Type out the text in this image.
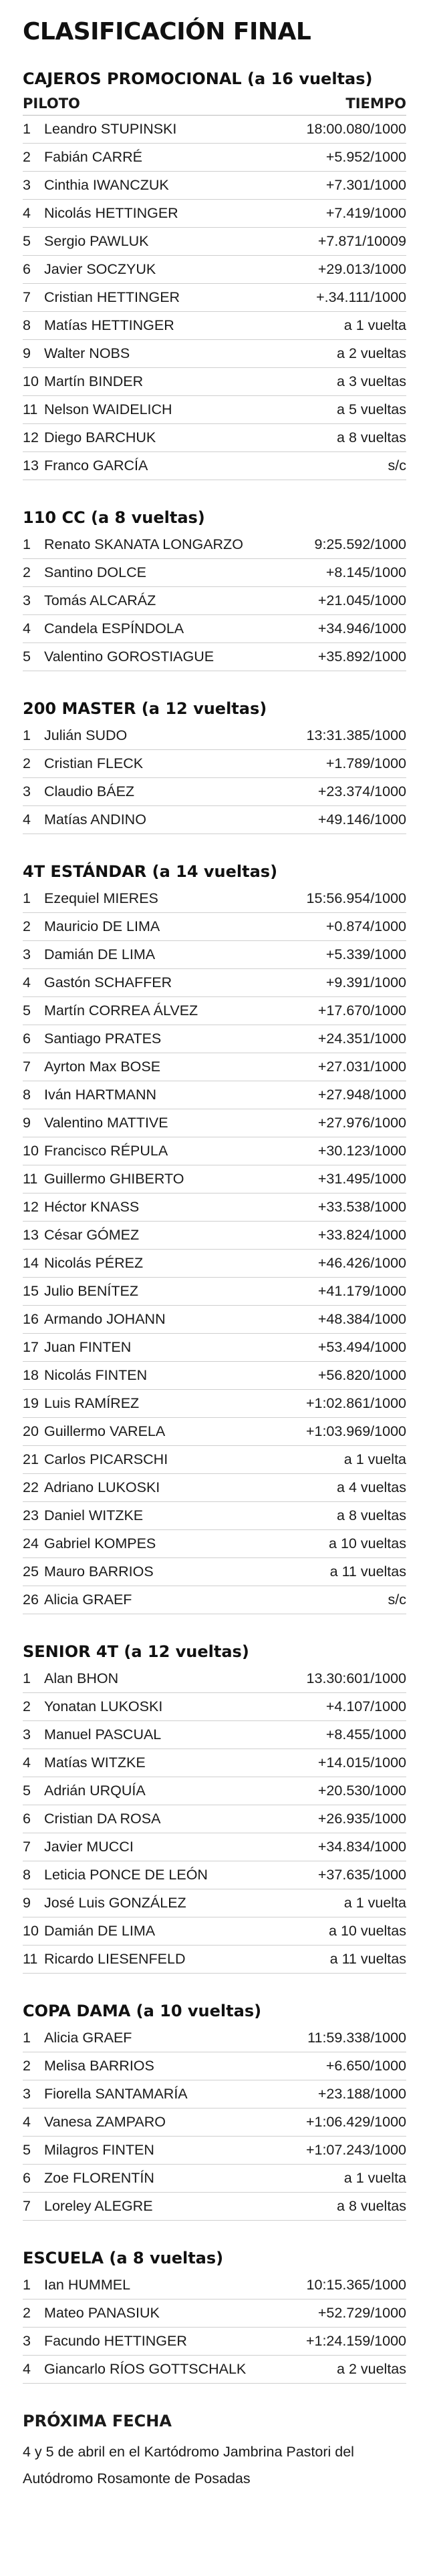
CLASIFICACIÓN FINAL
CAJEROS PROMOCIONAL (a 16 vueltas)
PILOTO	TIEMPO
1 Leandro STUPINSKI	18:00.080/1000
2 Fabián CARRÉ	+5.952/1000
3 Cinthia IWANCZUK	+7.301/1000
4 Nicolás HETTINGER	+7.419/1000
5 Sergio PAWLUK	+7.871/10009
6 Javier SOCZYUK	+29.013/1000
7 Cristian HETTINGER	+.34.111/1000
8 Matías HETTINGER	a 1 vuelta
9 Walter NOBS	a 2 vueltas
10 Martín BINDER	a 3 vueltas
11 Nelson WAIDELICH	a 5 vueltas
12 Diego BARCHUK	a 8 vueltas
13 Franco GARCÍA	s/c
110 CC (a 8 vueltas)
1 Renato SKANATA LONGARZO	9:25.592/1000
2 Santino DOLCE	+8.145/1000
3 Tomás ALCARÁZ	+21.045/1000
4 Candela ESPÍNDOLA	+34.946/1000
5 Valentino GOROSTIAGUE	+35.892/1000
200 MASTER (a 12 vueltas)
1 Julián SUDO	13:31.385/1000
2 Cristian FLECK	+1.789/1000
3 Claudio BÁEZ	+23.374/1000
4 Matías ANDINO	+49.146/1000
4T ESTÁNDAR (a 14 vueltas)
1 Ezequiel MIERES	15:56.954/1000
2 Mauricio DE LIMA	+0.874/1000
3 Damián DE LIMA	+5.339/1000
4 Gastón SCHAFFER	+9.391/1000
5 Martín CORREA ÁLVEZ	+17.670/1000
6 Santiago PRATES	+24.351/1000
7 Ayrton Max BOSE	+27.031/1000
8 Iván HARTMANN	+27.948/1000
9 Valentino MATTIVE	+27.976/1000
10 Francisco RÉPULA	+30.123/1000
11 Guillermo GHIBERTO	+31.495/1000
12 Héctor KNASS	+33.538/1000
13 César GÓMEZ	+33.824/1000
14 Nicolás PÉREZ	+46.426/1000
15 Julio BENÍTEZ	+41.179/1000
16 Armando JOHANN	+48.384/1000
17 Juan FINTEN	+53.494/1000
18 Nicolás FINTEN	+56.820/1000
19 Luis RAMÍREZ	+1:02.861/1000
20 Guillermo VARELA	+1:03.969/1000
21 Carlos PICARSCHI	a 1 vuelta
22 Adriano LUKOSKI	a 4 vueltas
23 Daniel WITZKE	a 8 vueltas
24 Gabriel KOMPES	a 10 vueltas
25 Mauro BARRIOS	a 11 vueltas
26 Alicia GRAEF	s/c
SENIOR 4T (a 12 vueltas)
1 Alan BHON	13.30:601/1000
2 Yonatan LUKOSKI	+4.107/1000
3 Manuel PASCUAL	+8.455/1000
4 Matías WITZKE	+14.015/1000
5 Adrián URQUÍA	+20.530/1000
6 Cristian DA ROSA	+26.935/1000
7 Javier MUCCI	+34.834/1000
8 Leticia PONCE DE LEÓN	+37.635/1000
9 José Luis GONZÁLEZ	a 1 vuelta
10 Damián DE LIMA	a 10 vueltas
11 Ricardo LIESENFELD	a 11 vueltas
COPA DAMA (a 10 vueltas)
1 Alicia GRAEF	11:59.338/1000
2 Melisa BARRIOS	+6.650/1000
3 Fiorella SANTAMARÍA	+23.188/1000
4 Vanesa ZAMPARO	+1:06.429/1000
5 Milagros FINTEN	+1:07.243/1000
6 Zoe FLORENTÍN	a 1 vuelta
7 Loreley ALEGRE	a 8 vueltas
ESCUELA (a 8 vueltas)
1 Ian HUMMEL	10:15.365/1000
2 Mateo PANASIUK	+52.729/1000
3 Facundo HETTINGER	+1:24.159/1000
4 Giancarlo RÍOS GOTTSCHALK	a 2 vueltas
PRÓXIMA FECHA

4 y 5 de abril en el Kartódromo Jambrina Pastori del Autódromo Rosamonte de Posadas
